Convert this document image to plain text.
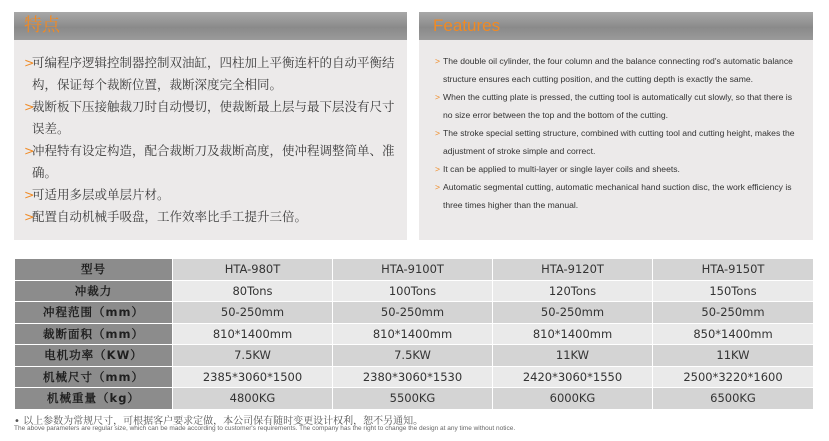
特点
>
可编程序逻辑控制器控制双油缸，四柱加上平衡连杆的自动平衡结构，保证每个裁断位置，裁断深度完全相同。
>
裁断板下压接触裁刀时自动慢切，使裁断最上层与最下层没有尺寸误差。
>
冲程特有设定构造，配合裁断刀及裁断高度，使冲程调整简单、准确。
>
可适用多层或单层片材。
>
配置自动机械手吸盘，工作效率比手工提升三倍。
Features
> The double oil cylinder, the four column and the balance connecting rod's automatic balance structure ensures each cutting position, and the cutting depth is exactly the same.
> When the cutting plate is pressed, the cutting tool is automatically cut slowly, so that there is no size error between the top and the bottom of the cutting.
> The stroke special setting structure, combined with cutting tool and cutting height, makes the adjustment of stroke simple and correct.
> It can be applied to multi-layer or single layer coils and sheets.
> Automatic segmental cutting, automatic mechanical hand suction disc, the work efficiency is three times higher than the manual.
型号	HTA-980T	HTA-9100T	HTA-9120T	HTA-9150T
冲裁力	80Tons	100Tons	120Tons	150Tons
冲程范围（mm）	50-250mm	50-250mm	50-250mm	50-250mm
裁断面积（mm）	810*1400mm	810*1400mm	810*1400mm	850*1400mm
电机功率（KW）	7.5KW	7.5KW	11KW	11KW
机械尺寸（mm）	2385*3060*1500	2380*3060*1530	2420*3060*1550	2500*3220*1600
机械重量（kg）	4800KG	5500KG	6000KG	6500KG
• 以上参数为常规尺寸，可根据客户要求定做，本公司保有随时变更设计权利，恕不另通知。
The above parameters are regular size, which can be made according to customer's requirements. The company has the right to change the design at any time without notice.
